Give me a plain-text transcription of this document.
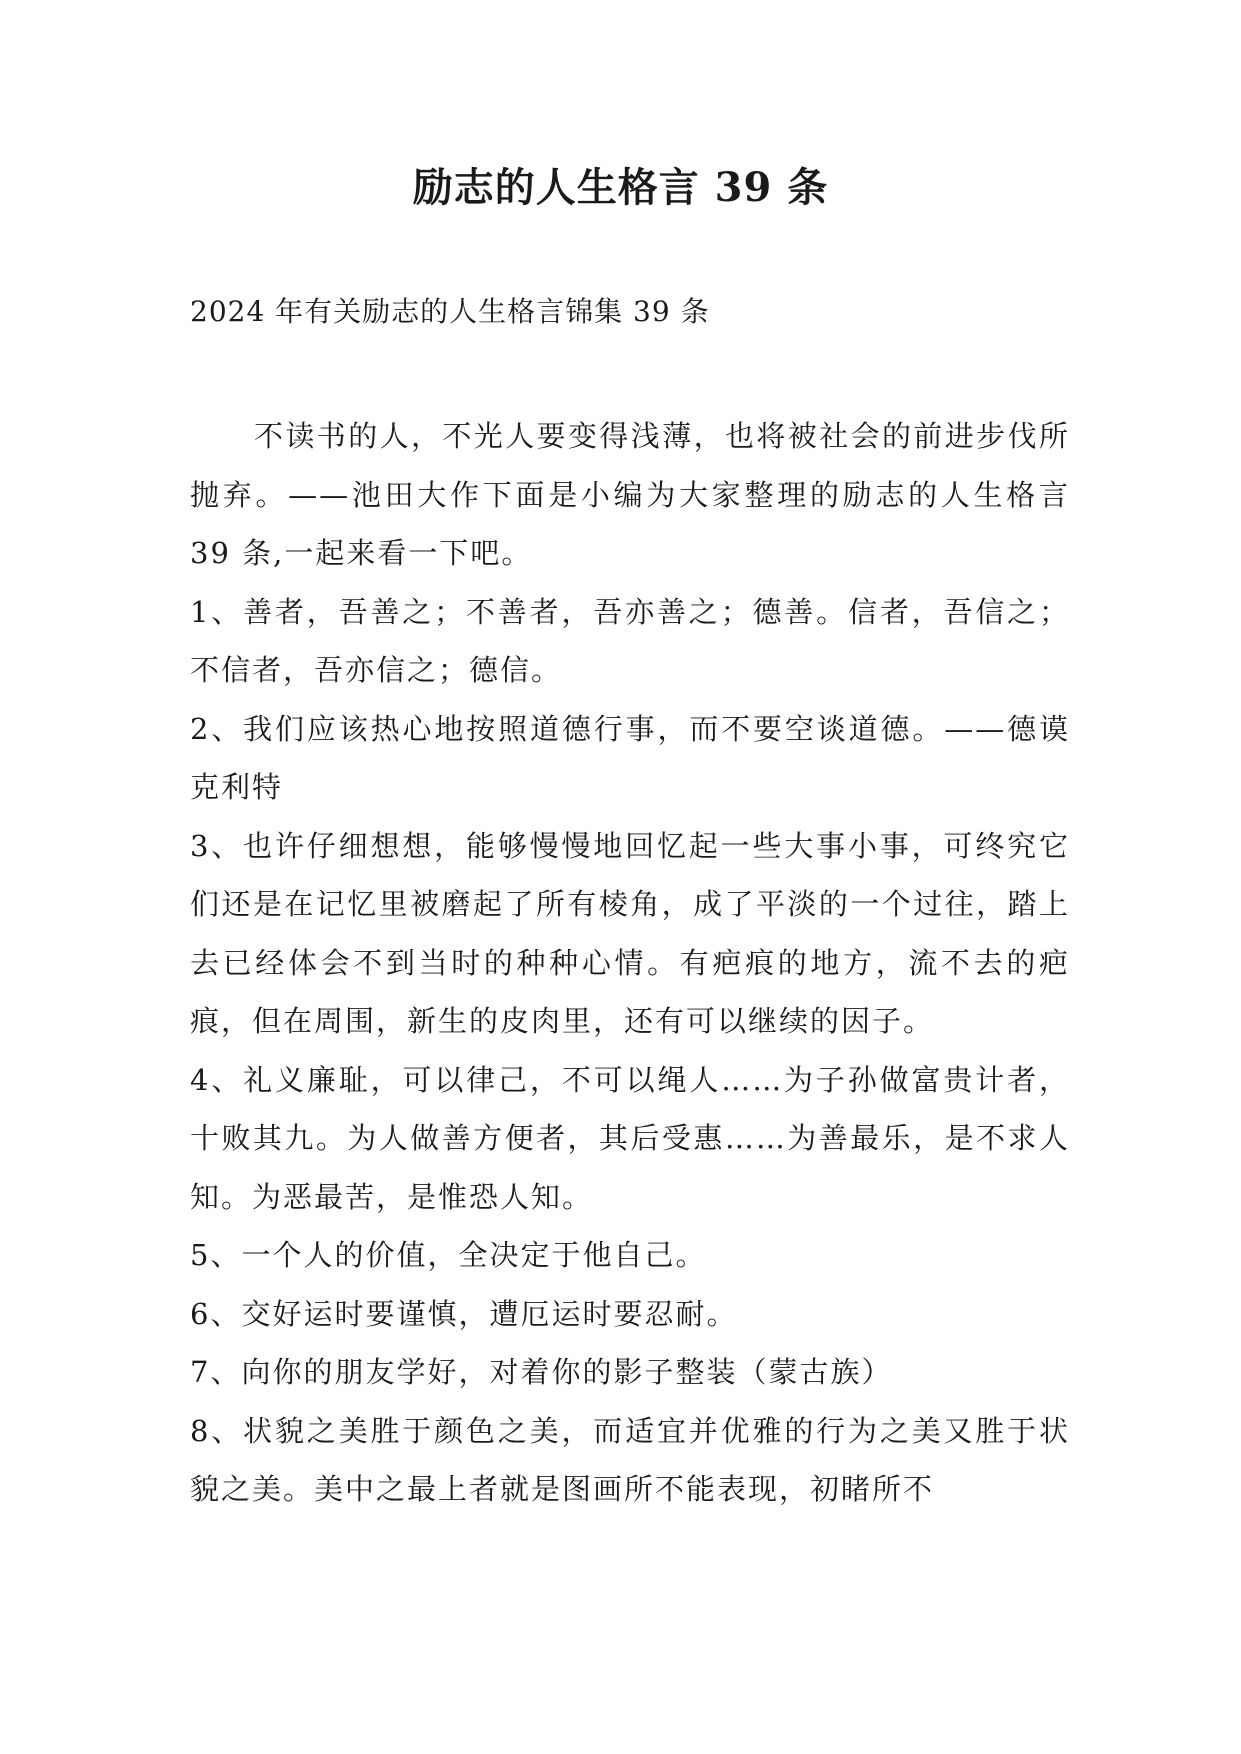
励志的人生格言 39 条

2024 年有关励志的人生格言锦集 39 条

不读书的人，不光人要变得浅薄，也将被社会的前进步伐所抛弃。——池田大作下面是小编为大家整理的励志的人生格言 39 条,一起来看一下吧。

1、善者，吾善之；不善者，吾亦善之；德善。信者，吾信之；不信者，吾亦信之；德信。

2、我们应该热心地按照道德行事，而不要空谈道德。——德谟克利特

3、也许仔细想想，能够慢慢地回忆起一些大事小事，可终究它们还是在记忆里被磨起了所有棱角，成了平淡的一个过往，踏上去已经体会不到当时的种种心情。有疤痕的地方，流不去的疤痕，但在周围，新生的皮肉里，还有可以继续的因子。

4、礼义廉耻，可以律己，不可以绳人……为子孙做富贵计者，十败其九。为人做善方便者，其后受惠……为善最乐，是不求人知。为恶最苦，是惟恐人知。

5、一个人的价值，全决定于他自己。

6、交好运时要谨慎，遭厄运时要忍耐。

7、向你的朋友学好，对着你的影子整装（蒙古族）

8、状貌之美胜于颜色之美，而适宜并优雅的行为之美又胜于状貌之美。美中之最上者就是图画所不能表现，初睹所不
